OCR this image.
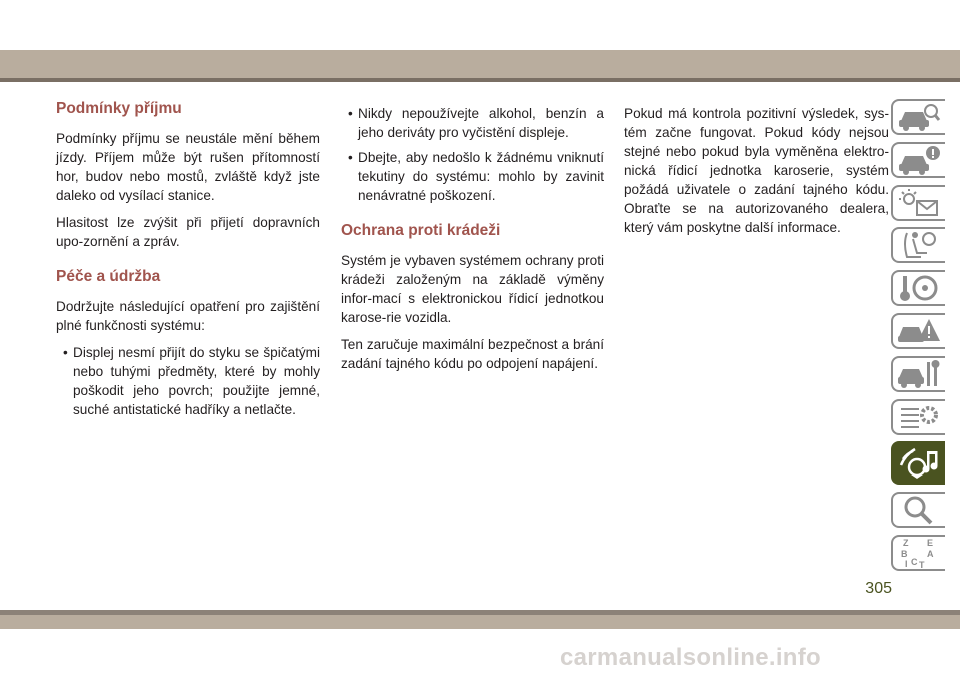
Podmínky příjmu

Podmínky příjmu se neustále mění během jízdy. Příjem může být rušen přítomností hor, budov nebo mostů, zvláště když jste daleko od vysílací stanice.

Hlasitost lze zvýšit při přijetí dopravních upo-zornění a zpráv.

Péče a údržba

Dodržujte následující opatření pro zajištění plné funkčnosti systému:

• Displej nesmí přijít do styku se špičatými nebo tuhými předměty, které by mohly poškodit jeho povrch; použijte jemné, suché antistatické hadříky a netlačte.
• Nikdy nepoužívejte alkohol, benzín a jeho deriváty pro vyčistění displeje.
• Dbejte, aby nedošlo k žádnému vniknutí tekutiny do systému: mohlo by zavinit nenávratné poškození.
Ochrana proti krádeži

Systém je vybaven systémem ochrany proti krádeži založeným na základě výměny infor-mací s elektronickou řídicí jednotkou karose-rie vozidla.

Ten zaručuje maximální bezpečnost a brání zadání tajného kódu po odpojení napájení.

Pokud má kontrola pozitivní výsledek, sys-tém začne fungovat. Pokud kódy nejsou stejné nebo pokud byla vyměněna elektro-nická řídicí jednotka karoserie, systém požádá uživatele o zadání tajného kódu. Obraťte se na autorizovaného dealera, který vám poskytne další informace.

Z E
B A
C
I T
305
carmanualsonline.info
